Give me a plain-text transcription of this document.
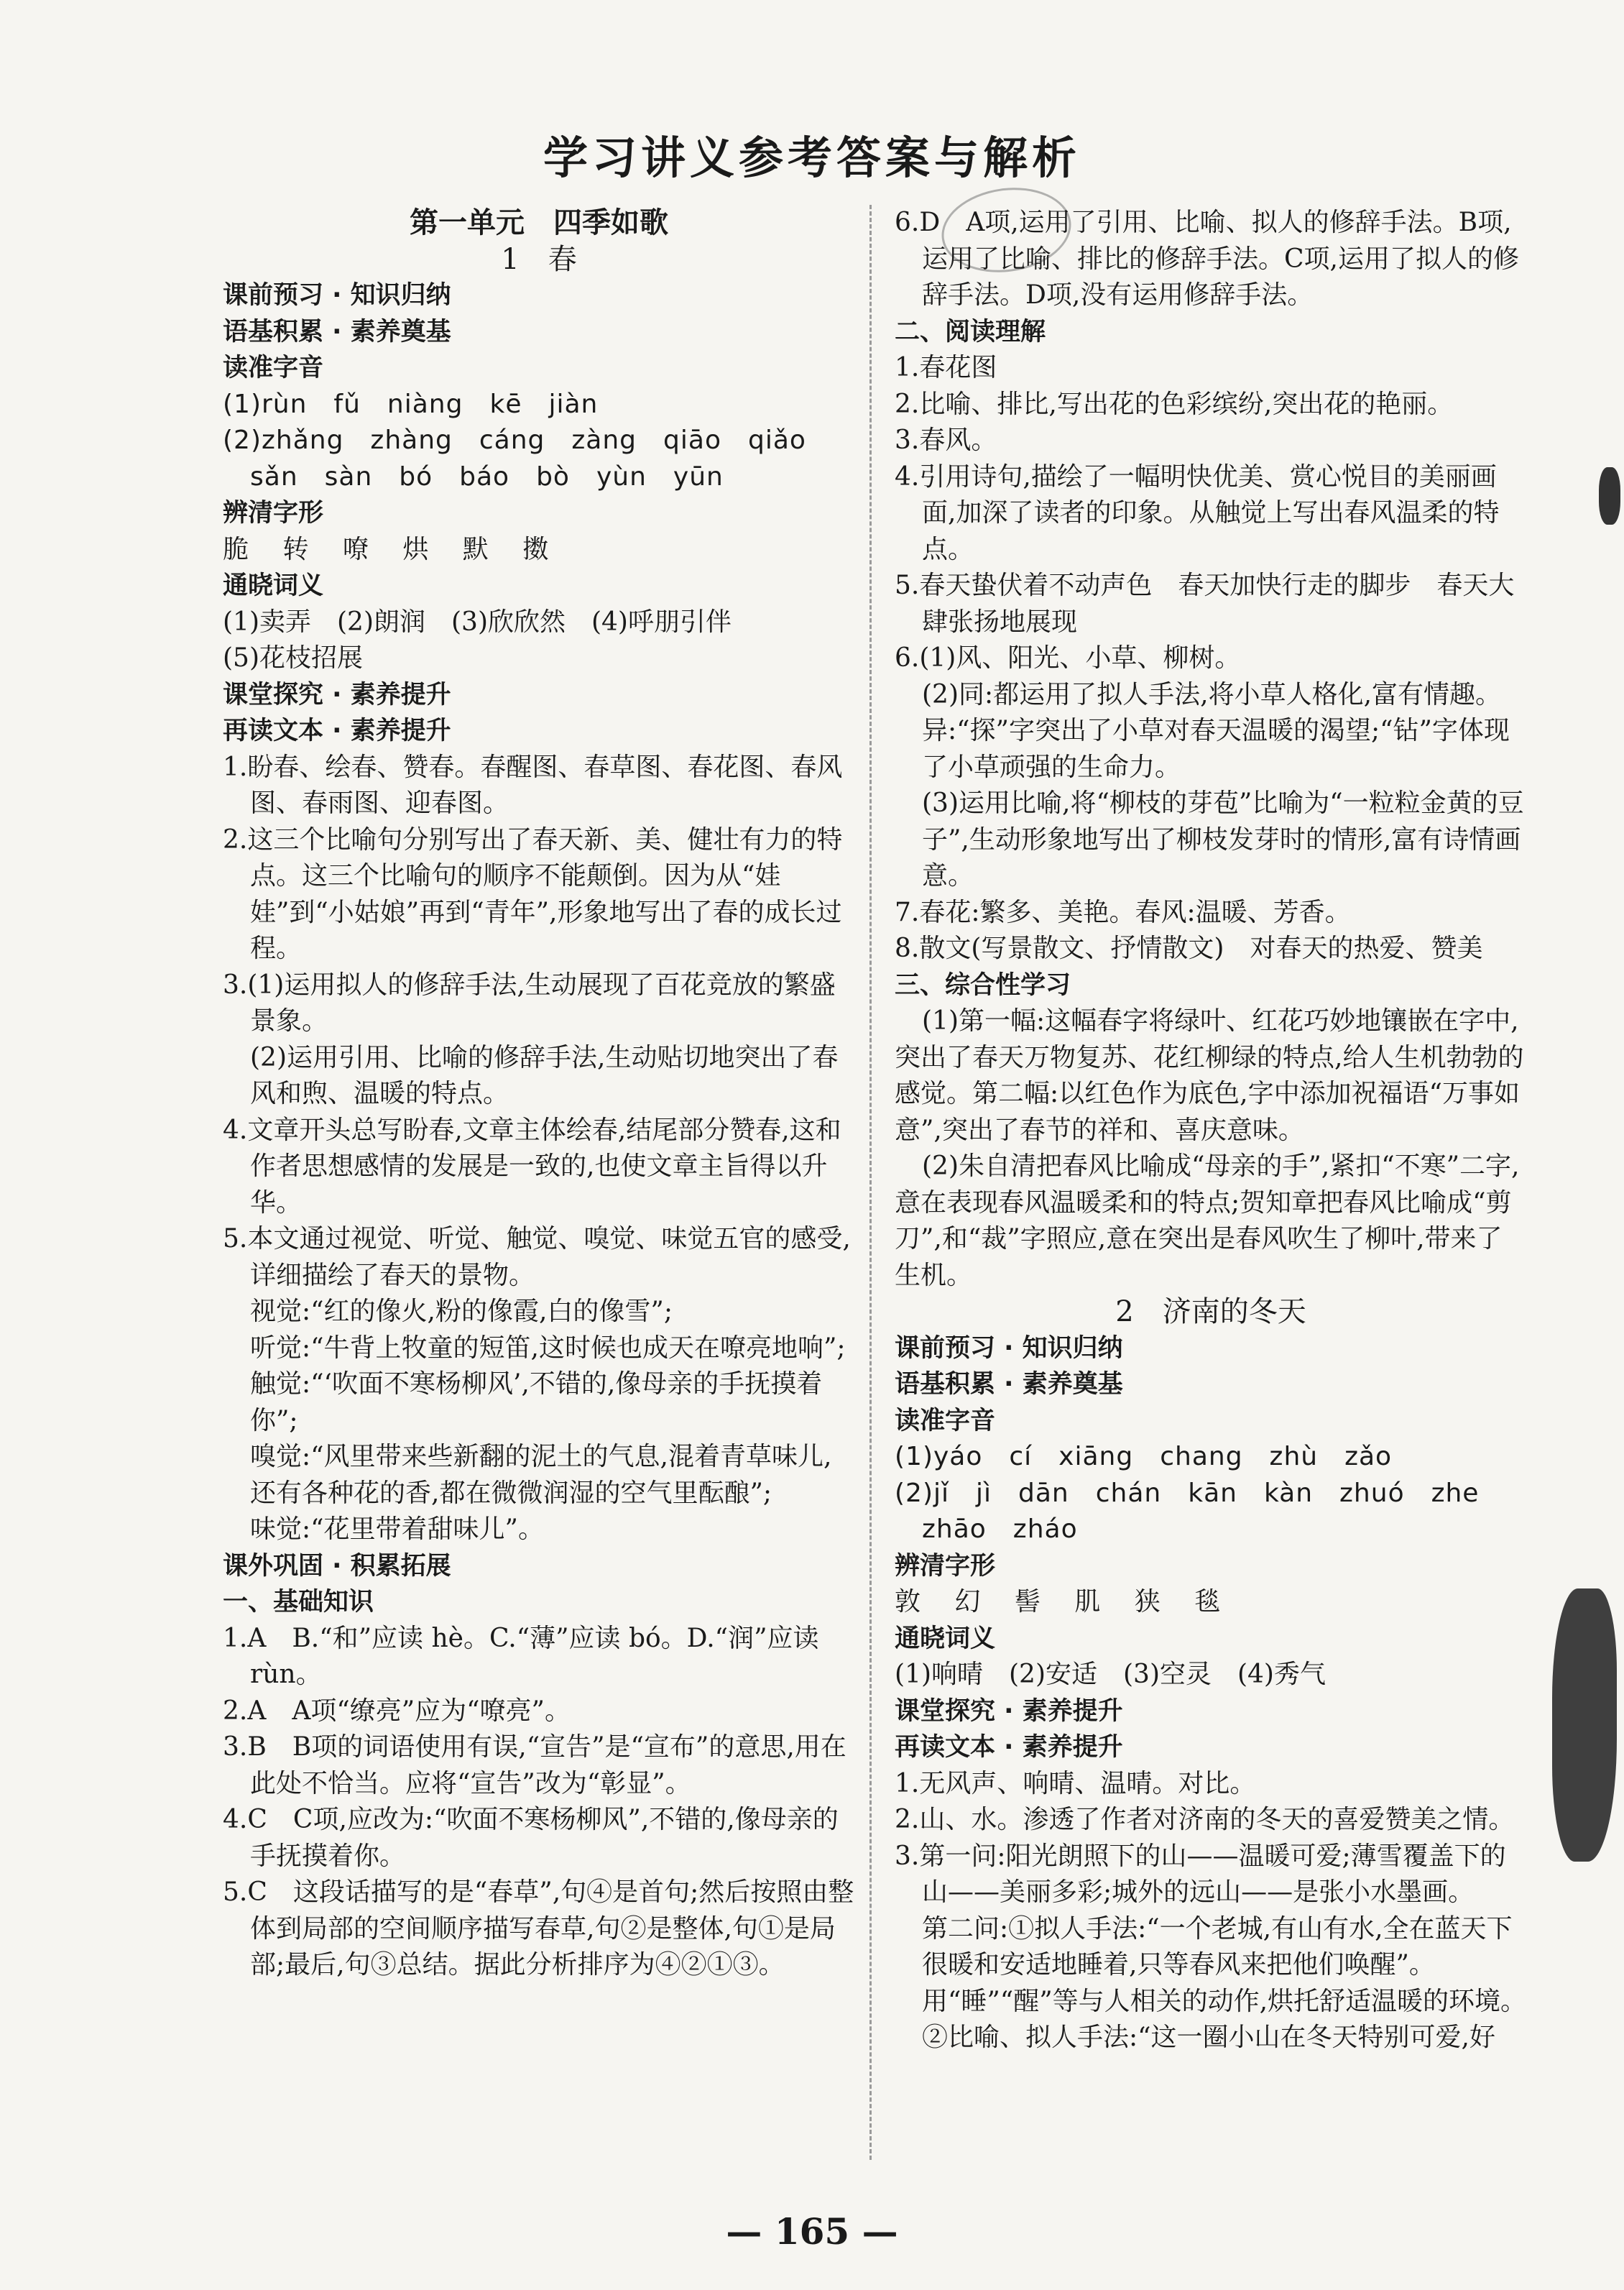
学习讲义参考答案与解析

第一单元　四季如歌

1　春

课前预习 · 知识归纳

语基积累 · 素养奠基

读准字音

(1)rùn　fǔ　niàng　kē　jiàn

(2)zhǎng　zhàng　cáng　zàng　qiāo　qiǎo　sǎn　sàn　bó　báo　bò　yùn　yūn

辨清字形

脆 转 嘹 烘 默 擞

通晓词义

(1)卖弄　(2)朗润　(3)欣欣然　(4)呼朋引伴

(5)花枝招展

课堂探究 · 素养提升

再读文本 · 素养提升

1.盼春、绘春、赞春。春醒图、春草图、春花图、春风图、春雨图、迎春图。

2.这三个比喻句分别写出了春天新、美、健壮有力的特点。这三个比喻句的顺序不能颠倒。因为从“娃娃”到“小姑娘”再到“青年”,形象地写出了春的成长过程。

3.(1)运用拟人的修辞手法,生动展现了百花竞放的繁盛景象。

(2)运用引用、比喻的修辞手法,生动贴切地突出了春风和煦、温暖的特点。

4.文章开头总写盼春,文章主体绘春,结尾部分赞春,这和作者思想感情的发展是一致的,也使文章主旨得以升华。

5.本文通过视觉、听觉、触觉、嗅觉、味觉五官的感受,详细描绘了春天的景物。

视觉:“红的像火,粉的像霞,白的像雪”;

听觉:“牛背上牧童的短笛,这时候也成天在嘹亮地响”;

触觉:“‘吹面不寒杨柳风’,不错的,像母亲的手抚摸着你”;

嗅觉:“风里带来些新翻的泥土的气息,混着青草味儿,还有各种花的香,都在微微润湿的空气里酝酿”;

味觉:“花里带着甜味儿”。

课外巩固 · 积累拓展

一、基础知识

1.A　B.“和”应读 hè。C.“薄”应读 bó。D.“润”应读 rùn。

2.A　A项“缭亮”应为“嘹亮”。

3.B　B项的词语使用有误,“宣告”是“宣布”的意思,用在此处不恰当。应将“宣告”改为“彰显”。

4.C　C项,应改为:“吹面不寒杨柳风”,不错的,像母亲的手抚摸着你。

5.C　这段话描写的是“春草”,句④是首句;然后按照由整体到局部的空间顺序描写春草,句②是整体,句①是局部;最后,句③总结。据此分析排序为④②①③。

6.D　A项,运用了引用、比喻、拟人的修辞手法。B项,运用了比喻、排比的修辞手法。C项,运用了拟人的修辞手法。D项,没有运用修辞手法。

二、阅读理解

1.春花图

2.比喻、排比,写出花的色彩缤纷,突出花的艳丽。

3.春风。

4.引用诗句,描绘了一幅明快优美、赏心悦目的美丽画面,加深了读者的印象。从触觉上写出春风温柔的特点。

5.春天蛰伏着不动声色　春天加快行走的脚步　春天大肆张扬地展现

6.(1)风、阳光、小草、柳树。

(2)同:都运用了拟人手法,将小草人格化,富有情趣。异:“探”字突出了小草对春天温暖的渴望;“钻”字体现了小草顽强的生命力。

(3)运用比喻,将“柳枝的芽苞”比喻为“一粒粒金黄的豆子”,生动形象地写出了柳枝发芽时的情形,富有诗情画意。

7.春花:繁多、美艳。春风:温暖、芳香。

8.散文(写景散文、抒情散文)　对春天的热爱、赞美

三、综合性学习

(1)第一幅:这幅春字将绿叶、红花巧妙地镶嵌在字中,突出了春天万物复苏、花红柳绿的特点,给人生机勃勃的感觉。第二幅:以红色作为底色,字中添加祝福语“万事如意”,突出了春节的祥和、喜庆意味。

(2)朱自清把春风比喻成“母亲的手”,紧扣“不寒”二字,意在表现春风温暖柔和的特点;贺知章把春风比喻成“剪刀”,和“裁”字照应,意在突出是春风吹生了柳叶,带来了生机。

2　济南的冬天

课前预习 · 知识归纳

语基积累 · 素养奠基

读准字音

(1)yáo　cí　xiāng　chang　zhù　zǎo

(2)jǐ　jì　dān　chán　kān　kàn　zhuó　zhe　zhāo　zháo

辨清字形

敦 幻 髻 肌 狭 毯

通晓词义

(1)响晴　(2)安适　(3)空灵　(4)秀气

课堂探究 · 素养提升

再读文本 · 素养提升

1.无风声、响晴、温晴。对比。

2.山、水。渗透了作者对济南的冬天的喜爱赞美之情。

3.第一问:阳光朗照下的山——温暖可爱;薄雪覆盖下的山——美丽多彩;城外的远山——是张小水墨画。

第二问:①拟人手法:“一个老城,有山有水,全在蓝天下很暖和安适地睡着,只等春风来把他们唤醒”。用“睡”“醒”等与人相关的动作,烘托舒适温暖的环境。

②比喻、拟人手法:“这一圈小山在冬天特别可爱,好

— 165 —
